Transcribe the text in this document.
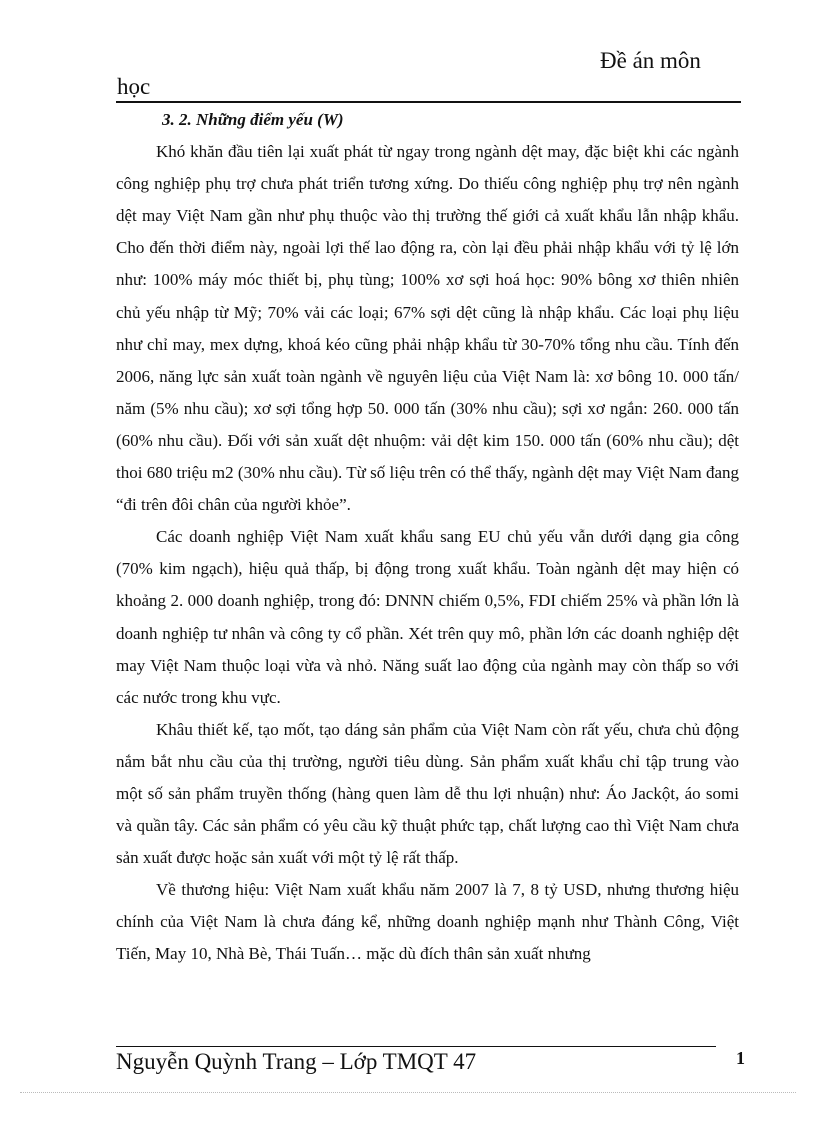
Đề án môn
học

3. 2. Những điểm yếu (W)

Khó khăn đầu tiên lại xuất phát từ ngay trong ngành dệt may, đặc biệt khi các ngành công nghiệp phụ trợ chưa phát triển tương xứng. Do thiếu công nghiệp phụ trợ nên ngành dệt may Việt Nam gần như phụ thuộc vào thị trường thế giới cả xuất khẩu lẫn nhập khẩu. Cho đến thời điểm này, ngoài lợi thế lao động ra, còn lại đều phải nhập khẩu với tỷ lệ lớn như: 100% máy móc thiết bị, phụ tùng; 100% xơ sợi hoá học: 90% bông xơ thiên nhiên chủ yếu nhập từ Mỹ; 70% vải các loại; 67% sợi dệt cũng là nhập khẩu. Các loại phụ liệu như chỉ may, mex dựng, khoá kéo cũng phải nhập khẩu từ 30-70% tổng nhu cầu. Tính đến 2006, năng lực sản xuất toàn ngành về nguyên liệu của Việt Nam là: xơ bông 10. 000 tấn/ năm (5% nhu cầu); xơ sợi tổng hợp 50. 000 tấn (30% nhu cầu); sợi xơ ngắn: 260. 000 tấn (60% nhu cầu). Đối với sản xuất dệt nhuộm: vải dệt kim 150. 000 tấn (60% nhu cầu); dệt thoi 680 triệu m2 (30% nhu cầu). Từ số liệu trên có thể thấy, ngành dệt may Việt Nam đang “đi trên đôi chân của người khỏe”.

Các doanh nghiệp Việt Nam xuất khẩu sang EU chủ yếu vẫn dưới dạng gia công (70% kim ngạch), hiệu quả thấp, bị động trong xuất khẩu. Toàn ngành dệt may hiện có khoảng 2. 000 doanh nghiệp, trong đó: DNNN chiếm 0,5%, FDI chiếm 25% và phần lớn là doanh nghiệp tư nhân và công ty cổ phần. Xét trên quy mô, phần lớn các doanh nghiệp dệt may Việt Nam thuộc loại vừa và nhỏ. Năng suất lao động của ngành may còn thấp so với các nước trong khu vực.

Khâu thiết kế, tạo mốt, tạo dáng sản phẩm của Việt Nam còn rất yếu, chưa chủ động nắm bắt nhu cầu của thị trường, người tiêu dùng. Sản phẩm xuất khẩu chỉ tập trung vào một số sản phẩm truyền thống (hàng quen làm dễ thu lợi nhuận) như: Áo Jackột, áo somi và quần tây. Các sản phẩm có yêu cầu kỹ thuật phức tạp, chất lượng cao thì Việt Nam chưa sản xuất được hoặc sản xuất với một tỷ lệ rất thấp.

Về thương hiệu: Việt Nam xuất khẩu năm 2007 là 7, 8 tỷ USD, nhưng thương hiệu chính của Việt Nam là chưa đáng kể, những doanh nghiệp mạnh như Thành Công, Việt Tiến, May 10, Nhà Bè, Thái Tuấn… mặc dù đích thân sản xuất nhưng

Nguyễn Quỳnh Trang – Lớp TMQT 47	1
